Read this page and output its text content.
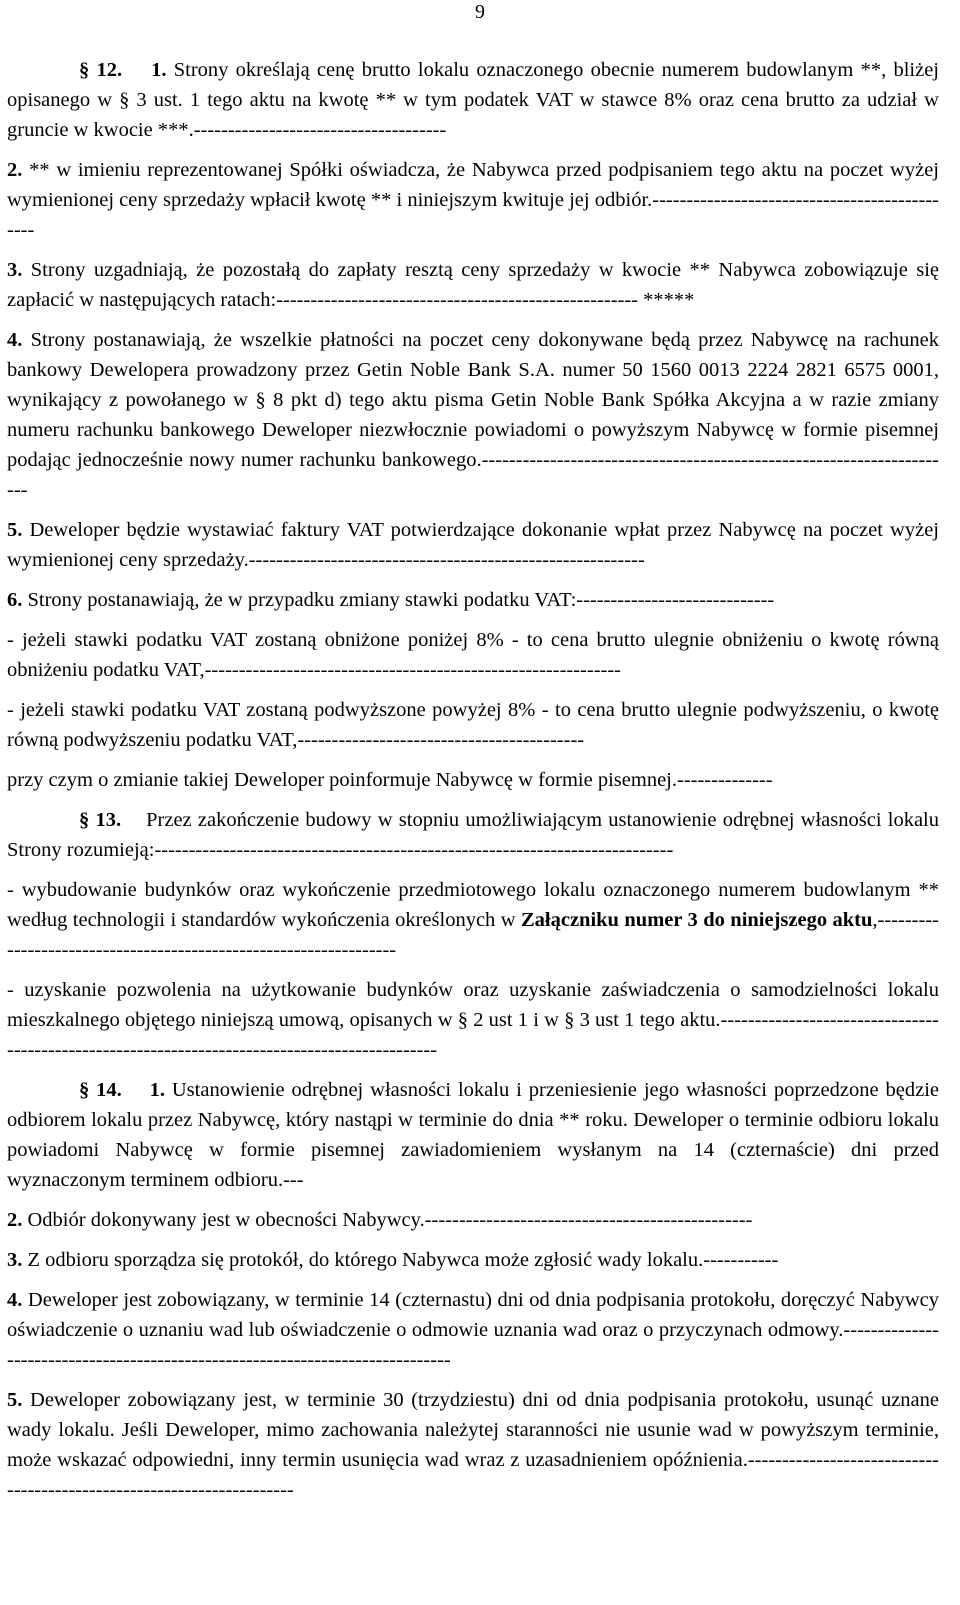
9

§ 12. 1. Strony określają cenę brutto lokalu oznaczonego obecnie numerem budowlanym **, bliżej opisanego w § 3 ust. 1 tego aktu na kwotę ** w tym podatek VAT w stawce 8% oraz cena brutto za udział w gruncie w kwocie ***.-------------------------------------

2. ** w imieniu reprezentowanej Spółki oświadcza, że Nabywca przed podpisaniem tego aktu na poczet wyżej wymienionej ceny sprzedaży wpłacił kwotę ** i niniejszym kwituje jej odbiór.----------------------------------------------

3. Strony uzgadniają, że pozostałą do zapłaty resztą ceny sprzedaży w kwocie ** Nabywca zobowiązuje się zapłacić w następujących ratach:----------------------------------------------------- *****

4. Strony postanawiają, że wszelkie płatności na poczet ceny dokonywane będą przez Nabywcę na rachunek bankowy Dewelopera prowadzony przez Getin Noble Bank S.A. numer 50 1560 0013 2224 2821 6575 0001, wynikający z powołanego w § 8 pkt d) tego aktu pisma Getin Noble Bank Spółka Akcyjna a w razie zmiany numeru rachunku bankowego Deweloper niezwłocznie powiadomi o powyższym Nabywcę w formie pisemnej podając jednocześnie nowy numer rachunku bankowego.----------------------------------------------------------------------

5. Deweloper będzie wystawiać faktury VAT potwierdzające dokonanie wpłat przez Nabywcę na poczet wyżej wymienionej ceny sprzedaży.----------------------------------------------------------

6. Strony postanawiają, że w przypadku zmiany stawki podatku VAT:-----------------------------

- jeżeli stawki podatku VAT zostaną obniżone poniżej 8% - to cena brutto ulegnie obniżeniu o kwotę równą obniżeniu podatku VAT,-------------------------------------------------------------

- jeżeli stawki podatku VAT zostaną podwyższone powyżej 8% - to cena brutto ulegnie podwyższeniu, o kwotę równą podwyższeniu podatku VAT,------------------------------------------

przy czym o zmianie takiej Deweloper poinformuje Nabywcę w formie pisemnej.--------------

§ 13.    Przez zakończenie budowy w stopniu umożliwiającym ustanowienie odrębnej własności lokalu Strony rozumieją:----------------------------------------------------------------------------

- wybudowanie budynków oraz wykończenie przedmiotowego lokalu oznaczonego numerem budowlanym ** według technologii i standardów wykończenia określonych w Załączniku numer 3 do niniejszego aktu,------------------------------------------------------------------

- uzyskanie pozwolenia na użytkowanie budynków oraz uzyskanie zaświadczenia o samodzielności lokalu mieszkalnego objętego niniejszą umową, opisanych w § 2 ust 1 i w § 3 ust 1 tego aktu.-----------------------------------------------------------------------------------------------

§ 14. 1. Ustanowienie odrębnej własności lokalu i przeniesienie jego własności poprzedzone będzie odbiorem lokalu przez Nabywcę, który nastąpi w terminie do dnia ** roku. Deweloper o terminie odbioru lokalu powiadomi Nabywcę w formie pisemnej zawiadomieniem wysłanym na 14 (czternaście) dni przed wyznaczonym terminem odbioru.---

2. Odbiór dokonywany jest w obecności Nabywcy.------------------------------------------------

3. Z odbioru sporządza się protokół, do którego Nabywca może zgłosić wady lokalu.-----------

4. Deweloper jest zobowiązany, w terminie 14 (czternastu) dni od dnia podpisania protokołu, doręczyć Nabywcy oświadczenie o uznaniu wad lub oświadczenie o odmowie uznania wad oraz o przyczynach odmowy.-------------------------------------------------------------------------------

5. Deweloper zobowiązany jest, w terminie 30 (trzydziestu) dni od dnia podpisania protokołu, usunąć uznane wady lokalu. Jeśli Deweloper, mimo zachowania należytej staranności nie usunie wad w powyższym terminie, może wskazać odpowiedni, inny termin usunięcia wad wraz z uzasadnieniem opóźnienia.----------------------------------------------------------------------
